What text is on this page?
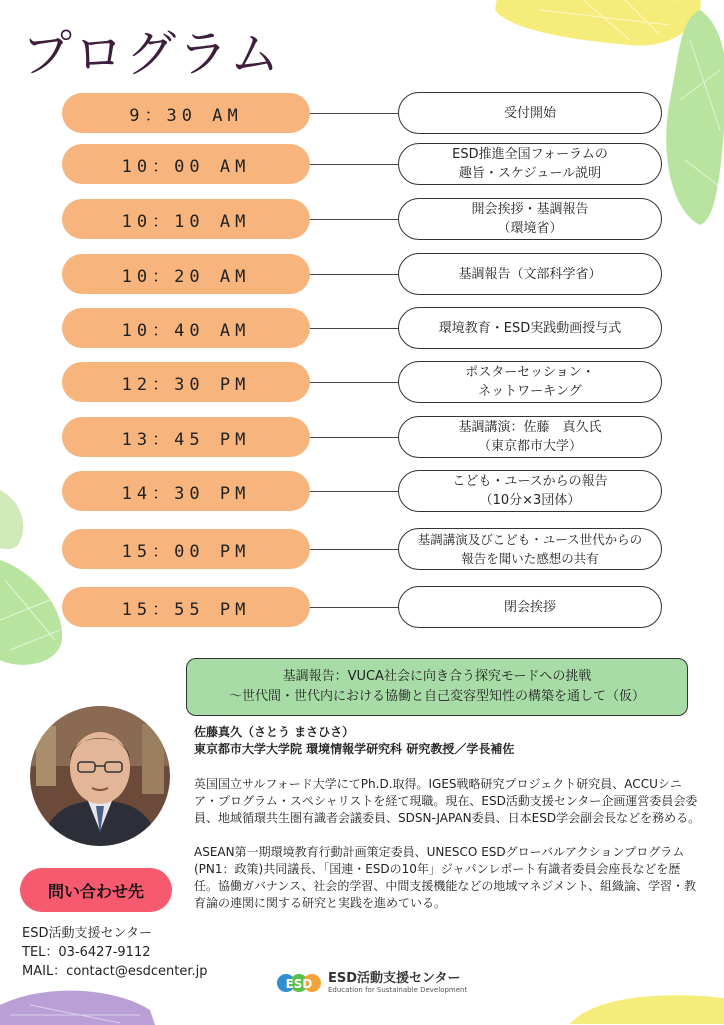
プログラム
9：30 AM	受付開始
10：00 AM
ESD推進全国フォーラムの
趣旨・スケジュール説明
10：10 AM
開会挨拶・基調報告
（環境省）
10：20 AM	基調報告（文部科学省）
10：40 AM	環境教育・ESD実践動画授与式
12：30 PM
ポスターセッション・
ネットワーキング
13：45 PM
基調講演：佐藤　真久氏
（東京都市大学）
14：30 PM
こども・ユースからの報告
（10分×3団体）
15：00 PM
基調講演及びこども・ユース世代からの
報告を聞いた感想の共有
15：55 PM	閉会挨拶
基調報告：VUCA社会に向き合う探究モードへの挑戦
〜世代間・世代内における協働と自己変容型知性の構築を通して（仮）
佐藤真久（さとう まさひさ）
東京都市大学大学院 環境情報学研究科 研究教授／学長補佐

英国国立サルフォード大学にてPh.D.取得。IGES戦略研究プロジェクト研究員、ACCUシニア・プログラム・スペシャリストを経て現職。現在、ESD活動支援センター企画運営委員会委員、地域循環共生圏有識者会議委員、SDSN-JAPAN委員、日本ESD学会副会長などを務める。

ASEAN第一期環境教育行動計画策定委員、UNESCO ESDグローバルアクションプログラム(PN1：政策)共同議長、「国連・ESDの10年」ジャパンレポート有識者委員会座長などを歴任。協働ガバナンス、社会的学習、中間支援機能などの地域マネジメント、組織論、学習・教育論の連関に関する研究と実践を進めている。

問い合わせ先
ESD活動支援センター
TEL：03-6427-9112
MAIL：contact@esdcenter.jp
ESD ESD活動支援センター
Education for Sustainable Development
